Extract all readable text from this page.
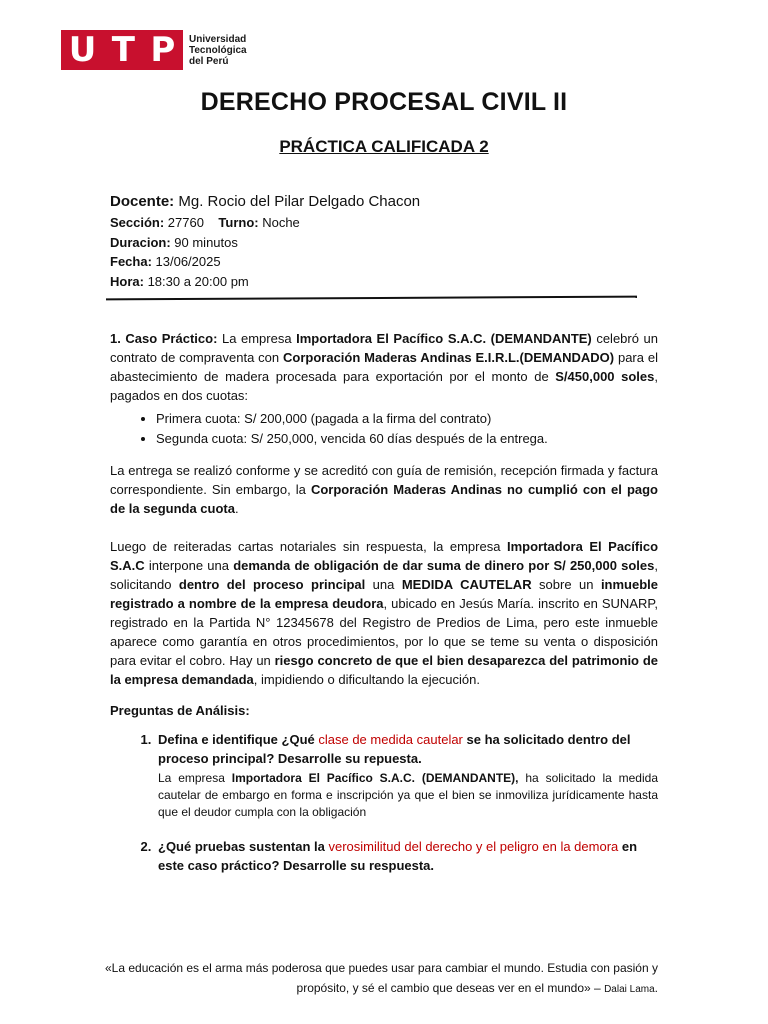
U T P Universidad
Tecnológica
del Perú
DERECHO PROCESAL CIVIL II
PRÁCTICA CALIFICADA 2
Docente: Mg. Rocio del Pilar Delgado Chacon
Sección: 27760 Turno: Noche
Duracion: 90 minutos
Fecha: 13/06/2025
Hora: 18:30 a 20:00 pm

1. Caso Práctico: La empresa Importadora El Pacífico S.A.C. (DEMANDANTE) celebró un contrato de compraventa con Corporación Maderas Andinas E.I.R.L.(DEMANDADO) para el abastecimiento de madera procesada para exportación por el monto de S/450,000 soles, pagados en dos cuotas:

• Primera cuota: S/ 200,000 (pagada a la firma del contrato)
• Segunda cuota: S/ 250,000, vencida 60 días después de la entrega.

La entrega se realizó conforme y se acreditó con guía de remisión, recepción firmada y factura correspondiente. Sin embargo, la Corporación Maderas Andinas no cumplió con el pago de la segunda cuota.

Luego de reiteradas cartas notariales sin respuesta, la empresa Importadora El Pacífico S.A.C interpone una demanda de obligación de dar suma de dinero por S/ 250,000 soles, solicitando dentro del proceso principal una MEDIDA CAUTELAR sobre un inmueble registrado a nombre de la empresa deudora, ubicado en Jesús María. inscrito en SUNARP, registrado en la Partida N° 12345678 del Registro de Predios de Lima, pero este inmueble aparece como garantía en otros procedimientos, por lo que se teme su venta o disposición para evitar el cobro. Hay un riesgo concreto de que el bien desaparezca del patrimonio de la empresa demandada, impidiendo o dificultando la ejecución.

Preguntas de Análisis:
1. Defina e identifique ¿Qué clase de medida cautelar se ha solicitado dentro del proceso principal? Desarrolle su repuesta.
La empresa Importadora El Pacífico S.A.C. (DEMANDANTE), ha solicitado la medida cautelar de embargo en forma e inscripción ya que el bien se inmoviliza jurídicamente hasta que el deudor cumpla con la obligación
2. ¿Qué pruebas sustentan la verosimilitud del derecho y el peligro en la demora en este caso práctico? Desarrolle su respuesta.
«La educación es el arma más poderosa que puedes usar para cambiar el mundo. Estudia con pasión y propósito, y sé el cambio que deseas ver en el mundo» – Dalai Lama.
